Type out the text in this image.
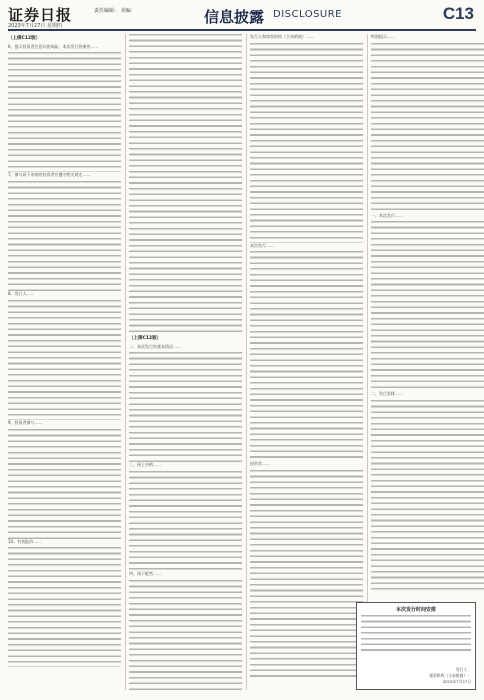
证券日报	责任编辑： 美编：	信息披露 DISCLOSURE	C13
2023年7月27日 星期四

（上接C12版）

6、提示投资者注意认购风险。本次发行的债券……

7、参与网下申购的投资者应遵守相关规定……

8、发行人……

9、投资者参与……

10、有效报价……

（上接C12版）

二、本次发行的基本情况……

三、网上申购……

四、网下配售……

发行人和保荐机构（主承销商）……

本次发行……

投资者……

特别提示……

一、本次发行……

二、发行安排……

本次发行时间安排
发行人：
保荐机构（主承销商）：
2023年7月27日
